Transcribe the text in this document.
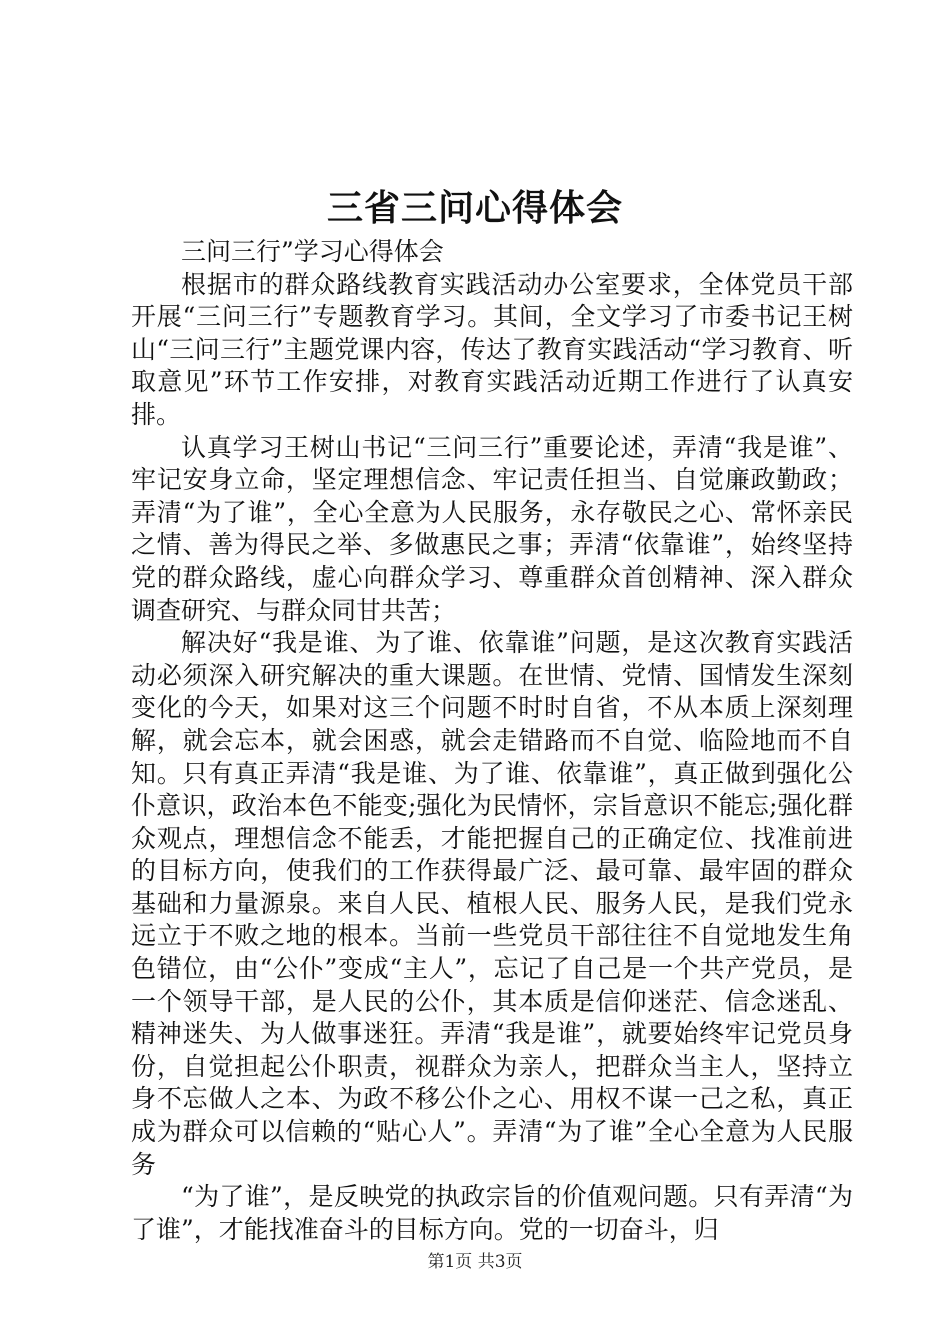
三省三问心得体会

三问三行”学习心得体会

根据市的群众路线教育实践活动办公室要求，全体党员干部开展“三问三行”专题教育学习。其间，全文学习了市委书记王树山“三问三行”主题党课内容，传达了教育实践活动“学习教育、听取意见”环节工作安排，对教育实践活动近期工作进行了认真安排。

认真学习王树山书记“三问三行”重要论述，弄清“我是谁”、牢记安身立命，坚定理想信念、牢记责任担当、自觉廉政勤政；弄清“为了谁”，全心全意为人民服务，永存敬民之心、常怀亲民之情、善为得民之举、多做惠民之事；弄清“依靠谁”，始终坚持党的群众路线，虚心向群众学习、尊重群众首创精神、深入群众调查研究、与群众同甘共苦；

解决好“我是谁、为了谁、依靠谁”问题，是这次教育实践活动必须深入研究解决的重大课题。在世情、党情、国情发生深刻变化的今天，如果对这三个问题不时时自省，不从本质上深刻理解，就会忘本，就会困惑，就会走错路而不自觉、临险地而不自知。只有真正弄清“我是谁、为了谁、依靠谁”，真正做到强化公仆意识，政治本色不能变;强化为民情怀，宗旨意识不能忘;强化群众观点，理想信念不能丢，才能把握自己的正确定位、找准前进的目标方向，使我们的工作获得最广泛、最可靠、最牢固的群众基础和力量源泉。来自人民、植根人民、服务人民，是我们党永远立于不败之地的根本。当前一些党员干部往往不自觉地发生角色错位，由“公仆”变成“主人”，忘记了自己是一个共产党员，是一个领导干部，是人民的公仆，其本质是信仰迷茫、信念迷乱、精神迷失、为人做事迷狂。弄清“我是谁”，就要始终牢记党员身份，自觉担起公仆职责，视群众为亲人，把群众当主人，坚持立身不忘做人之本、为政不移公仆之心、用权不谋一己之私，真正成为群众可以信赖的“贴心人”。弄清“为了谁”全心全意为人民服务

“为了谁”，是反映党的执政宗旨的价值观问题。只有弄清“为了谁”，才能找准奋斗的目标方向。党的一切奋斗，归

第1页 共3页
